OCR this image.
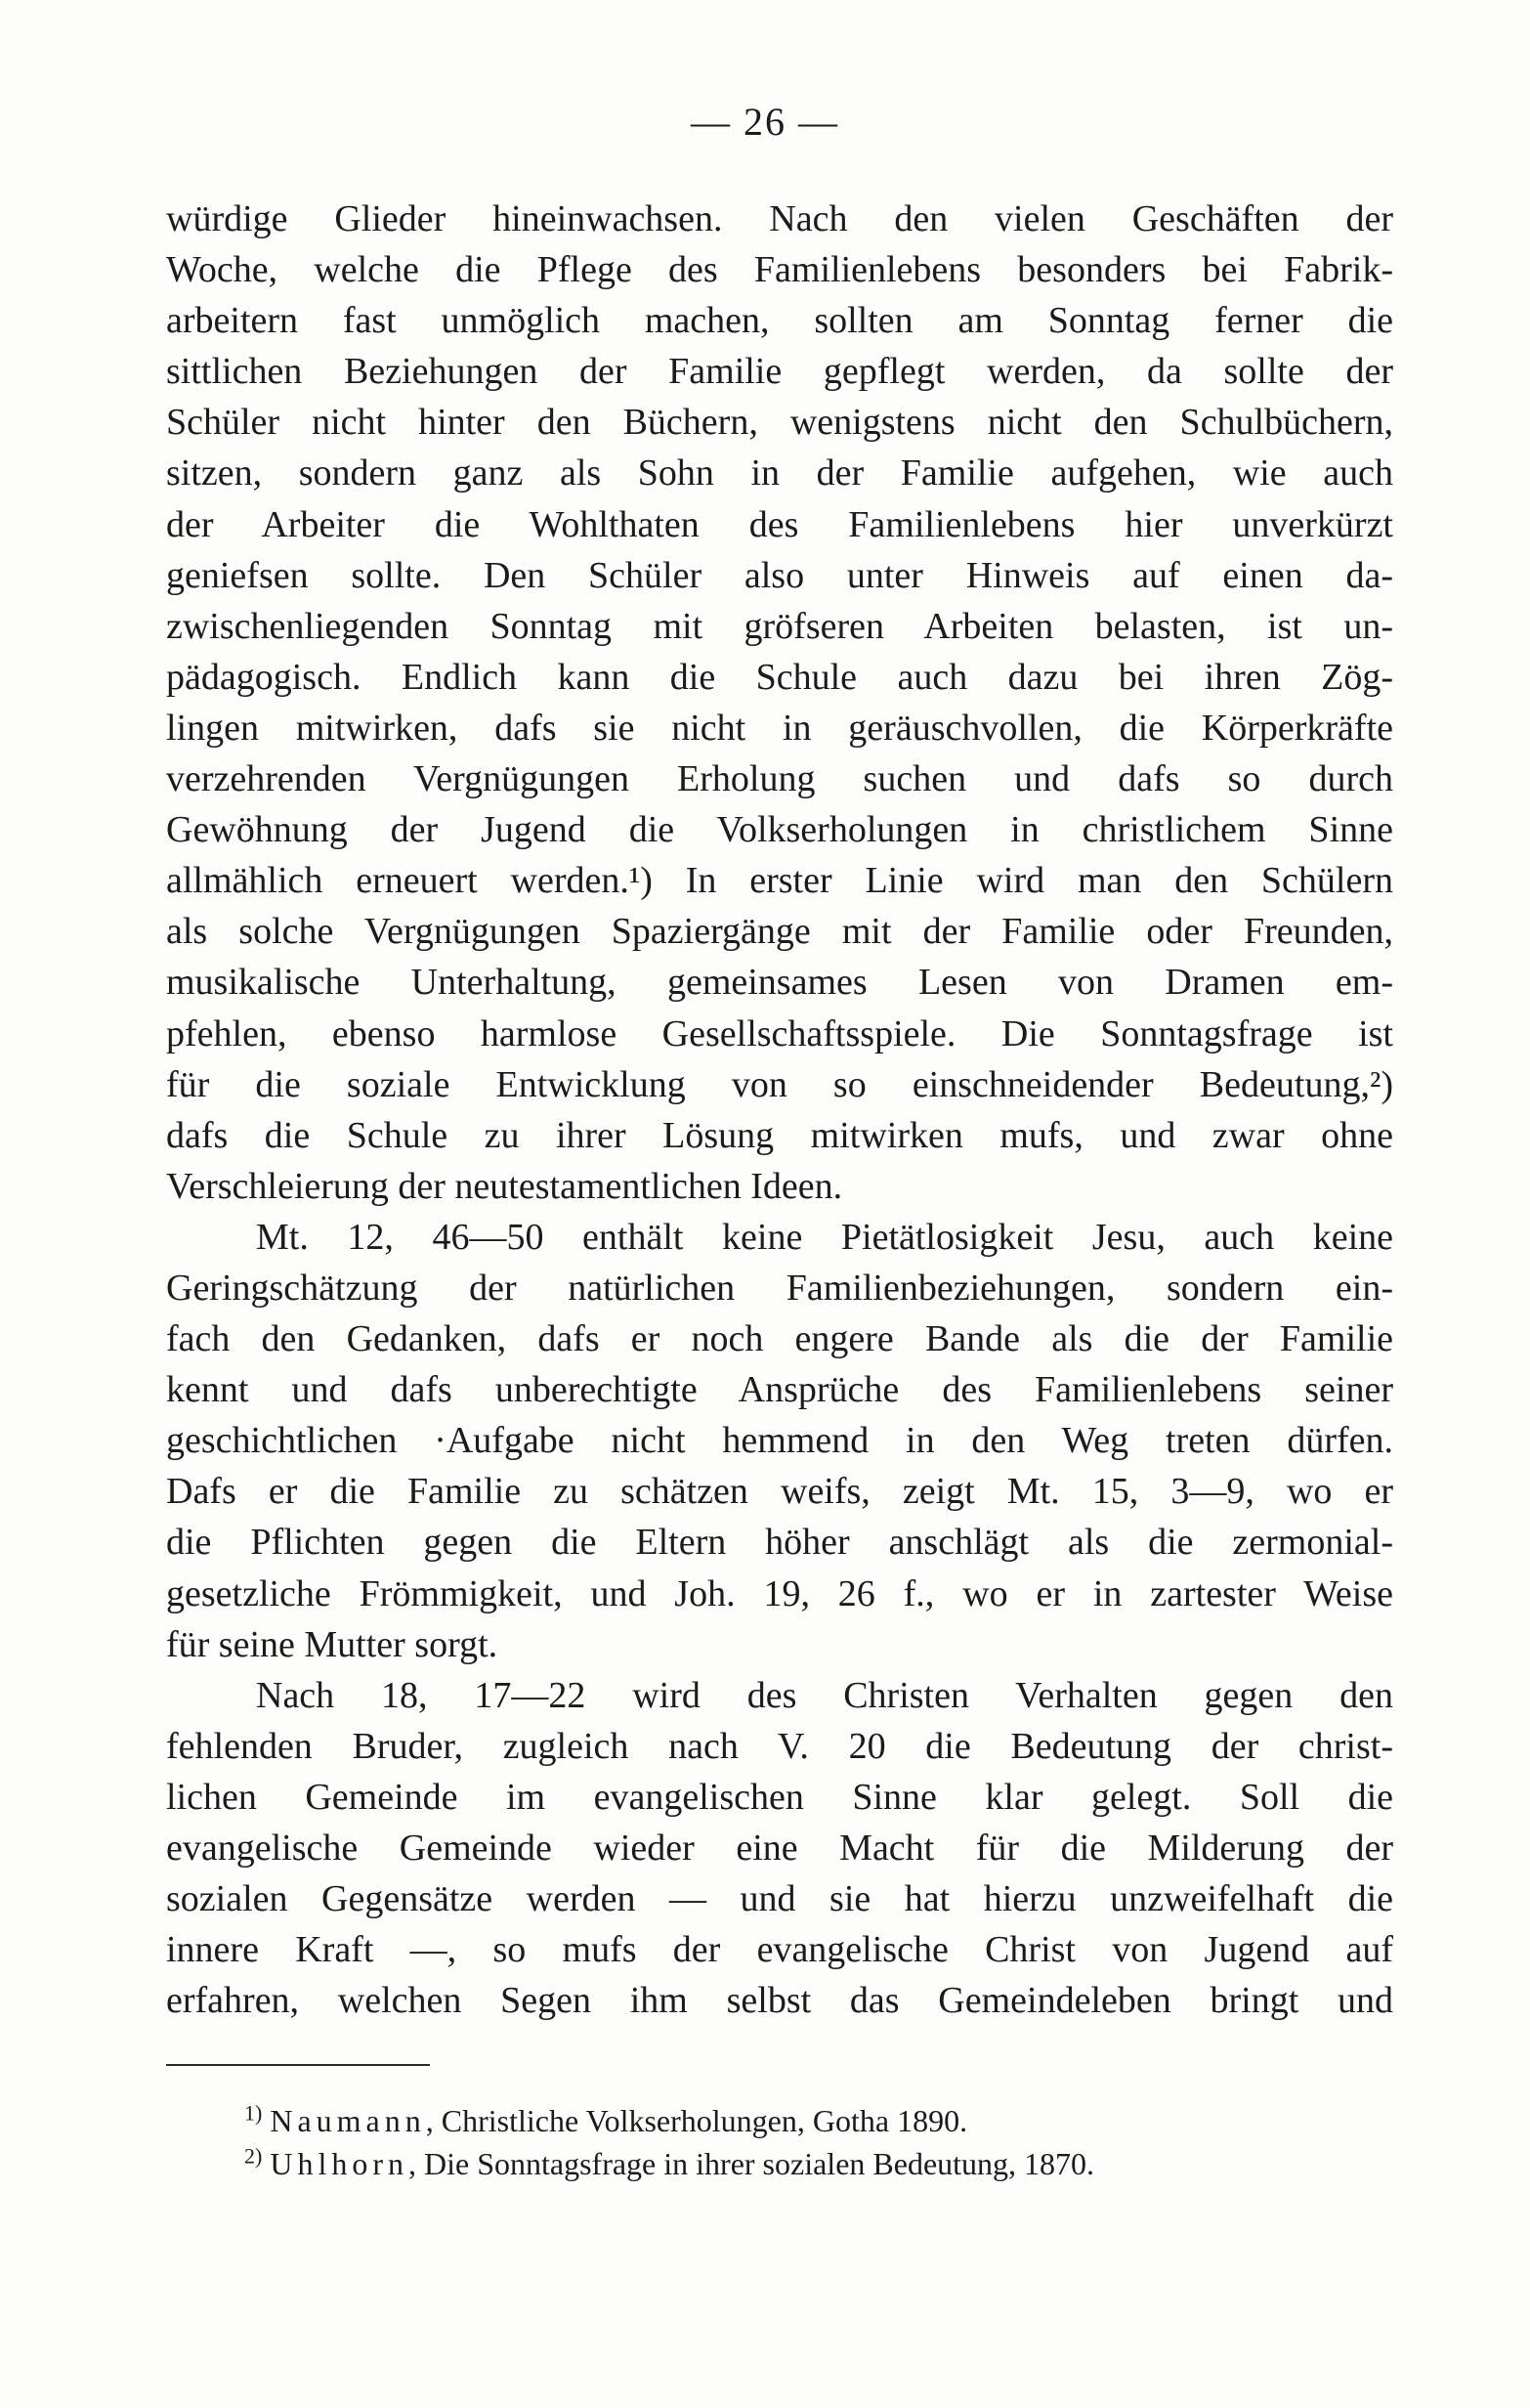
— 26 —
würdige Glieder hineinwachsen. Nach den vielen Geschäften der
Woche, welche die Pflege des Familienlebens besonders bei Fabrik-
arbeitern fast unmöglich machen, sollten am Sonntag ferner die
sittlichen Beziehungen der Familie gepflegt werden, da sollte der
Schüler nicht hinter den Büchern, wenigstens nicht den Schulbüchern,
sitzen, sondern ganz als Sohn in der Familie aufgehen, wie auch
der Arbeiter die Wohlthaten des Familienlebens hier unverkürzt
geniefsen sollte. Den Schüler also unter Hinweis auf einen da-
zwischenliegenden Sonntag mit gröfseren Arbeiten belasten, ist un-
pädagogisch. Endlich kann die Schule auch dazu bei ihren Zög-
lingen mitwirken, dafs sie nicht in geräuschvollen, die Körperkräfte
verzehrenden Vergnügungen Erholung suchen und dafs so durch
Gewöhnung der Jugend die Volkserholungen in christlichem Sinne
allmählich erneuert werden.¹) In erster Linie wird man den Schülern
als solche Vergnügungen Spaziergänge mit der Familie oder Freunden,
musikalische Unterhaltung, gemeinsames Lesen von Dramen em-
pfehlen, ebenso harmlose Gesellschaftsspiele. Die Sonntagsfrage ist
für die soziale Entwicklung von so einschneidender Bedeutung,²)
dafs die Schule zu ihrer Lösung mitwirken mufs, und zwar ohne
Verschleierung der neutestamentlichen Ideen.
Mt. 12, 46—50 enthält keine Pietätlosigkeit Jesu, auch keine
Geringschätzung der natürlichen Familienbeziehungen, sondern ein-
fach den Gedanken, dafs er noch engere Bande als die der Familie
kennt und dafs unberechtigte Ansprüche des Familienlebens seiner
geschichtlichen ·Aufgabe nicht hemmend in den Weg treten dürfen.
Dafs er die Familie zu schätzen weifs, zeigt Mt. 15, 3—9, wo er
die Pflichten gegen die Eltern höher anschlägt als die zermonial-
gesetzliche Frömmigkeit, und Joh. 19, 26 f., wo er in zartester Weise
für seine Mutter sorgt.
Nach 18, 17—22 wird des Christen Verhalten gegen den
fehlenden Bruder, zugleich nach V. 20 die Bedeutung der christ-
lichen Gemeinde im evangelischen Sinne klar gelegt. Soll die
evangelische Gemeinde wieder eine Macht für die Milderung der
sozialen Gegensätze werden — und sie hat hierzu unzweifelhaft die
innere Kraft —, so mufs der evangelische Christ von Jugend auf
erfahren, welchen Segen ihm selbst das Gemeindeleben bringt und
$^{1)}$ Naumann, Christliche Volkserholungen, Gotha 1890.
$^{2)}$ Uhlhorn, Die Sonntagsfrage in ihrer sozialen Bedeutung, 1870.
